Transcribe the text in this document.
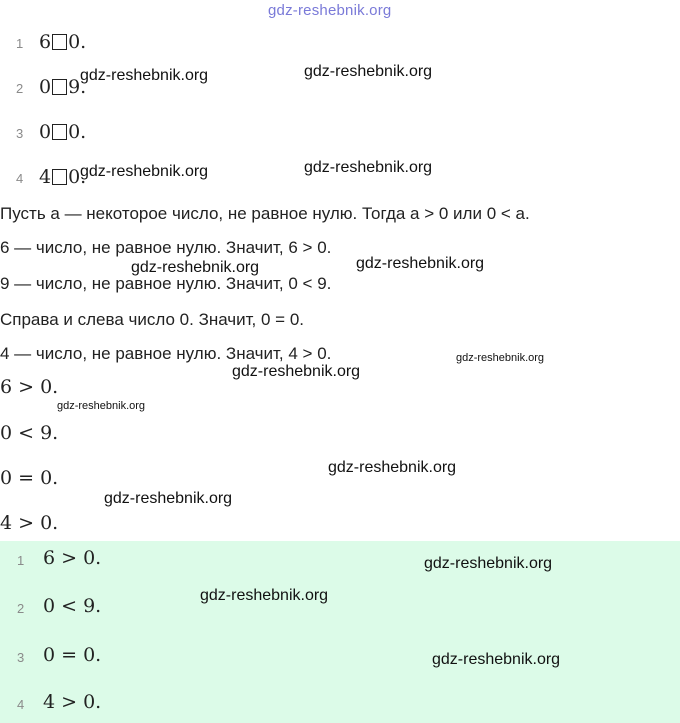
gdz-reshebnik.org
1 6 0.
2 0 9.
3 0 0.
4 4 0.
Пусть a — некоторое число, не равное нулю. Тогда a > 0 или 0 < a.
6 — число, не равное нулю. Значит, 6 > 0.
9 — число, не равное нулю. Значит, 0 < 9.
Справа и слева число 0. Значит, 0 = 0.
4 — число, не равное нулю. Значит, 4 > 0.
6 > 0.
0 < 9.
0 = 0.
4 > 0.
1 6 > 0.
2 0 < 9.
3 0 = 0.
4 4 > 0.
gdz-reshebnik.org	gdz-reshebnik.org
gdz-reshebnik.org	gdz-reshebnik.org
gdz-reshebnik.org	gdz-reshebnik.org
gdz-reshebnik.org
gdz-reshebnik.org
gdz-reshebnik.org
gdz-reshebnik.org
gdz-reshebnik.org
gdz-reshebnik.org
gdz-reshebnik.org
gdz-reshebnik.org
